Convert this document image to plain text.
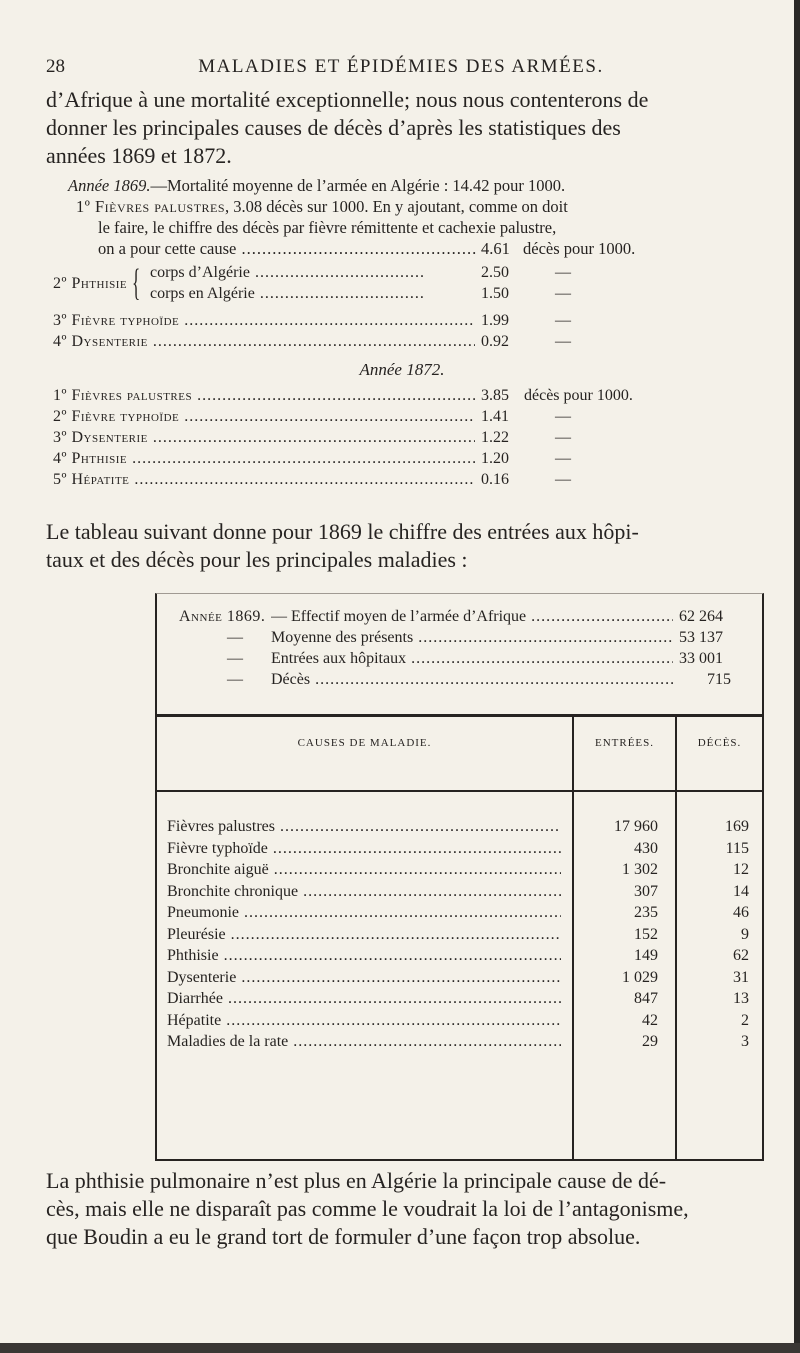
28	MALADIES ET ÉPIDÉMIES DES ARMÉES.
d’Afrique à une mortalité exceptionnelle; nous nous contenterons de
donner les principales causes de décès d’après les statistiques des
années 1869 et 1872.
Année 1869.—Mortalité moyenne de l’armée en Algérie : 14.42 pour 1000.
1º Fièvres palustres, 3.08 décès sur 1000. En y ajoutant, comme on doit
le faire, le chiffre des décès par fièvre rémittente et cachexie palustre,
on a pour cette cause .....	4.61 décès pour 1000.
2º Phthisie { corps d’Algérie .....	2.50	—
corps en Algérie .....	1.50	—
3º Fièvre typhoïde .....	1.99	—
4º Dysenterie .....	0.92	—
Année 1872.
1º Fièvres palustres .....	3.85 décès pour 1000.
2º Fièvre typhoïde .....	1.41	—
3º Dysenterie .....	1.22	—
4º Phthisie .....	1.20	—
5º Hépatite .....	0.16	—
Le tableau suivant donne pour 1869 le chiffre des entrées aux hôpi-
taux et des décès pour les principales maladies :
Année 1869. — Effectif moyen de l’armée d’Afrique .....	62 264
— Moyenne des présents .....	53 137
— Entrées aux hôpitaux .....	33 001
— Décès .....	715
CAUSES DE MALADIE.	ENTRÉES.	DÉCÈS.
Fièvres palustres .....	17 960	169
Fièvre typhoïde .....	430	115
Bronchite aiguë .....	1 302	12
Bronchite chronique .....	307	14
Pneumonie .....	235	46
Pleurésie .....	152	9
Phthisie .....	149	62
Dysenterie .....	1 029	31
Diarrhée .....	847	13
Hépatite .....	42	2
Maladies de la rate .....	29	3
La phthisie pulmonaire n’est plus en Algérie la principale cause de dé-
cès, mais elle ne disparaît pas comme le voudrait la loi de l’antagonisme,
que Boudin a eu le grand tort de formuler d’une façon trop absolue.
